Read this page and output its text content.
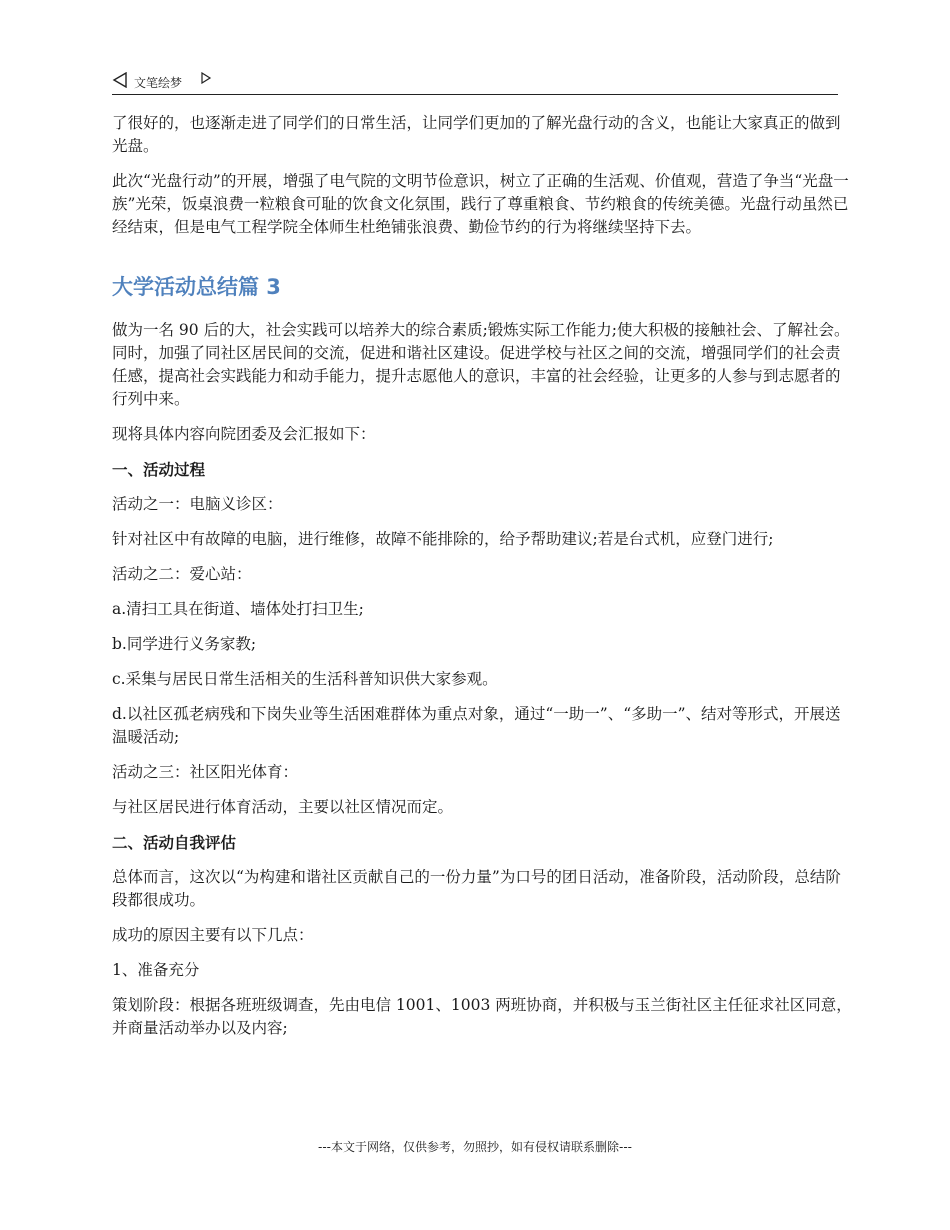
文笔绘梦

了很好的，也逐渐走进了同学们的日常生活，让同学们更加的了解光盘行动的含义，也能让大家真正的做到光盘。

此次“光盘行动”的开展，增强了电气院的文明节俭意识，树立了正确的生活观、价值观，营造了争当“光盘一族”光荣，饭桌浪费一粒粮食可耻的饮食文化氛围，践行了尊重粮食、节约粮食的传统美德。光盘行动虽然已经结束，但是电气工程学院全体师生杜绝铺张浪费、勤俭节约的行为将继续坚持下去。

大学活动总结篇 3

做为一名 90 后的大，社会实践可以培养大的综合素质;锻炼实际工作能力;使大积极的接触社会、了解社会。同时，加强了同社区居民间的交流，促进和谐社区建设。促进学校与社区之间的交流，增强同学们的社会责任感，提高社会实践能力和动手能力，提升志愿他人的意识，丰富的社会经验，让更多的人参与到志愿者的行列中来。

现将具体内容向院团委及会汇报如下：

一、活动过程

活动之一：电脑义诊区：

针对社区中有故障的电脑，进行维修，故障不能排除的，给予帮助建议;若是台式机，应登门进行;

活动之二：爱心站：

a.清扫工具在街道、墙体处打扫卫生;

b.同学进行义务家教;

c.采集与居民日常生活相关的生活科普知识供大家参观。

d.以社区孤老病残和下岗失业等生活困难群体为重点对象，通过“一助一”、“多助一”、结对等形式，开展送温暖活动;

活动之三：社区阳光体育：

与社区居民进行体育活动，主要以社区情况而定。

二、活动自我评估

总体而言，这次以“为构建和谐社区贡献自己的一份力量”为口号的团日活动，准备阶段，活动阶段，总结阶段都很成功。

成功的原因主要有以下几点：

1、准备充分

策划阶段：根据各班班级调查，先由电信 1001、1003 两班协商，并积极与玉兰街社区主任征求社区同意，并商量活动举办以及内容;

---本文于网络，仅供参考，勿照抄，如有侵权请联系删除---
